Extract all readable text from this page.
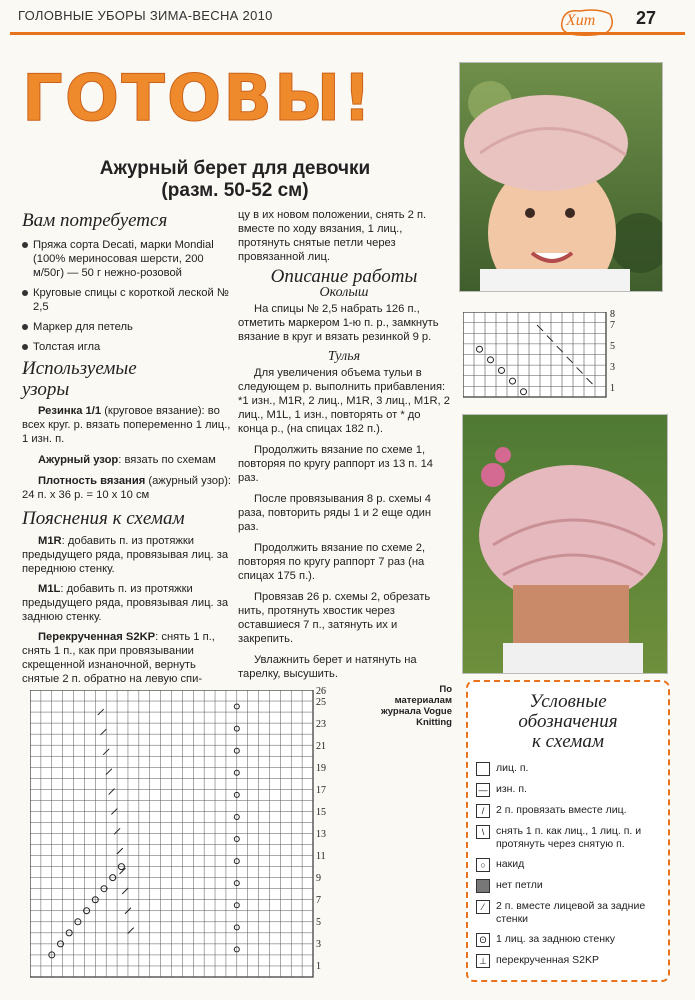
ГОЛОВНЫЕ УБОРЫ ЗИМА-ВЕСНА 2010	Хит 27
ГОТОВЫ!
Ажурный берет для девочки
(разм. 50-52 см)
Вам потребуется
Пряжа сорта Decati, марки Mondial (100% мериносовая шерсти, 200 м/50г) — 50 г нежно-розовой
Круговые спицы с короткой леской № 2,5
Маркер для петель
Толстая игла
Используемые
узоры

Резинка 1/1 (круговое вязание): во всех круг. р. вязать попеременно 1 лиц., 1 изн. п.

Ажурный узор: вязать по схемам

Плотность вязания (ажурный узор): 24 п. х 36 р. = 10 х 10 см

Пояснения к схемам

M1R: добавить п. из протяжки предыдущего ряда, провязывая лиц. за переднюю стенку.

M1L: добавить п. из протяжки предыдущего ряда, провязывая лиц. за заднюю стенку.

Перекрученная S2KP: снять 1 п., снять 1 п., как при провязывании скрещенной изнаночной, вернуть снятые 2 п. обратно на левую спи-

цу в их новом положении, снять 2 п. вместе по ходу вязания, 1 лиц., протянуть снятые петли через провязанной лиц.

Описание работы
Околыш

На спицы № 2,5 набрать 126 п., отметить маркером 1-ю п. р., замкнуть вязание в круг и вязать резинкой 9 р.

Тулья

Для увеличения объема тульи в следующем р. выполнить прибавления: *1 изн., M1R, 2 лиц., M1R, 3 лиц., M1R, 2 лиц., M1L, 1 изн., повторять от * до конца р., (на спицах 182 п.).

Продолжить вязание по схеме 1, повторяя по кругу раппорт из 13 п. 14 раз.

После провязывания 8 р. схемы 4 раза, повторить ряды 1 и 2 еще один раз.

Продолжить вязание по схеме 2, повторяя по кругу раппорт 7 раз (на спицах 175 п.).

Провязав 26 р. схемы 2, обрезать нить, протянуть хвостик через оставшиеся 7 п., затянуть их и закрепить.

Увлажнить берет и натянуть на тарелку, высушить.

По
материалам
журнала Vogue
Knitting
8
7
5
3
1
26
25
23
21
19
17
15
13
11
9
7
5
3
1
Условные
обозначения
к схемам
лиц. п.
— изн. п.
/	2 п. провязать вместе лиц.
\	снять 1 п. как лиц., 1 лиц. п. и протянуть через снятую п.
○ накид
нет петли
⁄	2 п. вместе лицевой за задние стенки
ʘ 1 лиц. за заднюю стенку
⊥ перекрученная S2KP
